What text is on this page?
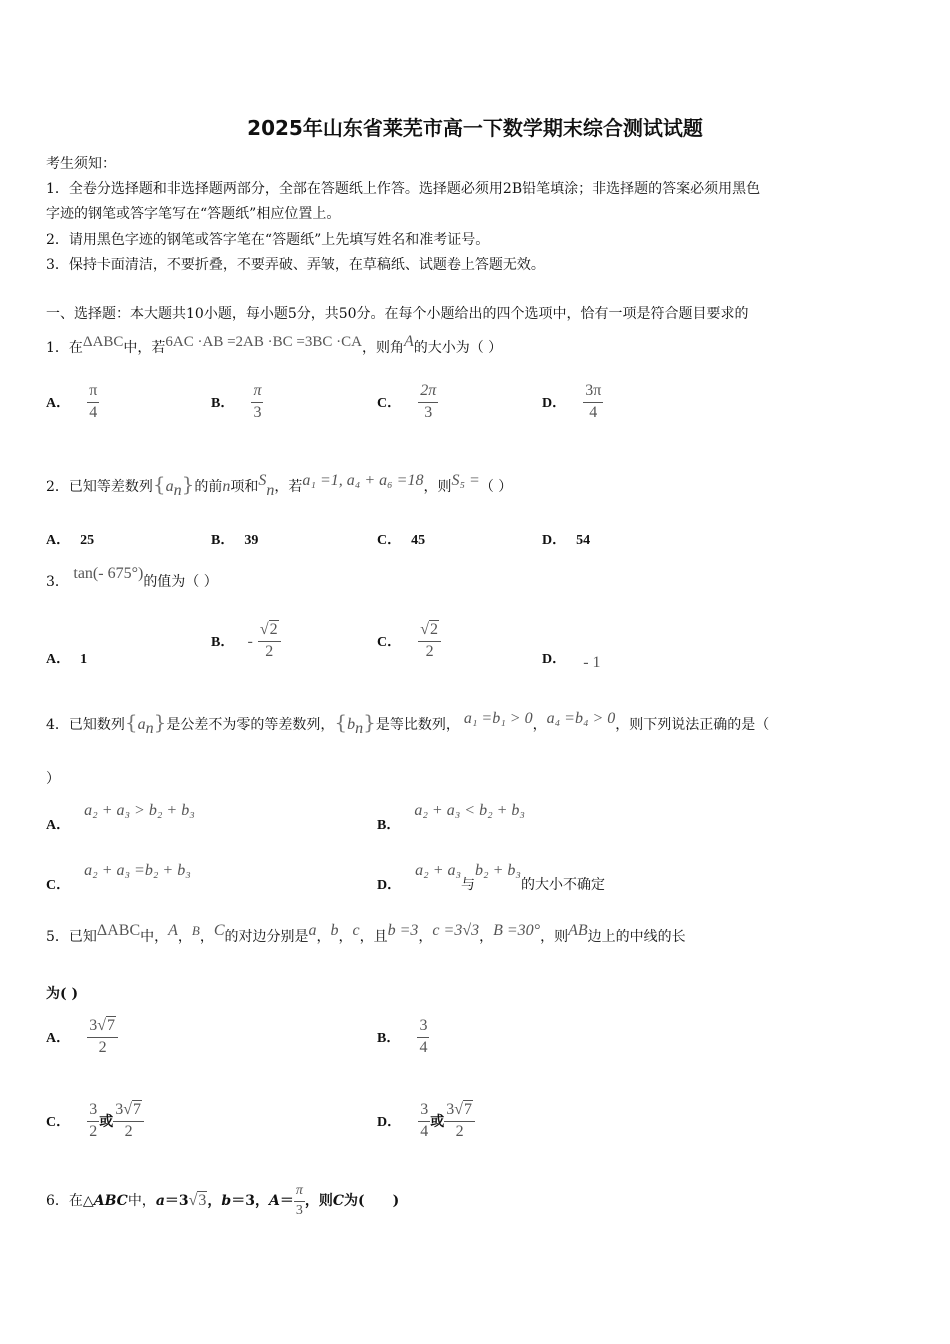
2025年山东省莱芜市高一下数学期末综合测试试题
考生须知：
1．全卷分选择题和非选择题两部分，全部在答题纸上作答。选择题必须用2B铅笔填涂；非选择题的答案必须用黑色
字迹的钢笔或答字笔写在“答题纸”相应位置上。
2．请用黑色字迹的钢笔或答字笔在“答题纸”上先填写姓名和准考证号。
3．保持卡面清洁，不要折叠，不要弄破、弄皱，在草稿纸、试题卷上答题无效。
一、选择题：本大题共10小题，每小题5分，共50分。在每个小题给出的四个选项中，恰有一项是符合题目要求的
1．在ΔABC中，若6AC ·AB =2AB ·BC =3BC ·CA，则角A的大小为（ ）
A． $\frac{\pi}{4}$	B． $\frac{\pi}{3}$	C． $\frac{2\pi}{3}$	D． $\frac{3\pi}{4}$
2．已知等差数列$\{a_n\}$的前n项和$S_n$，若a₁ =1, a₄ + a₆ =18，则S₅ =（ ）
A． 25	B． 39	C． 45	D． 54
3． tan(- 675°)的值为（ ）
A． 1
B． - $\frac{√2}{2}$	C． $\frac{√2}{2}$	D． - 1
4．已知数列$\{a_n\}$是公差不为零的等差数列，$\{b_n\}$是等比数列， a₁ =b₁ > 0，a₄ =b₄ > 0，则下列说法正确的是（
）
A．a₂ + a₃ > b₂ + b₃
B．a₂ + a₃ < b₂ + b₃
C．a₂ + a₃ =b₂ + b₃
D．a₂ + a₃与b₂ + b₃的大小不确定
5．已知ΔABC中，A，B，C的对边分别是a，b，c，且b =3，c =3√3，B =30°，则AB边上的中线的长
为( )
A． $\frac{3√7}{2}$	B． $\frac{3}{4}$
C． $\frac{3}{2}$ 或 $\frac{3√7}{2}$	D． $\frac{3}{4}$ 或 $\frac{3√7}{2}$
6．在△ABC中，a＝3√3，b＝3，$A= \frac{\pi}{3}$ ，则C为(　　)
